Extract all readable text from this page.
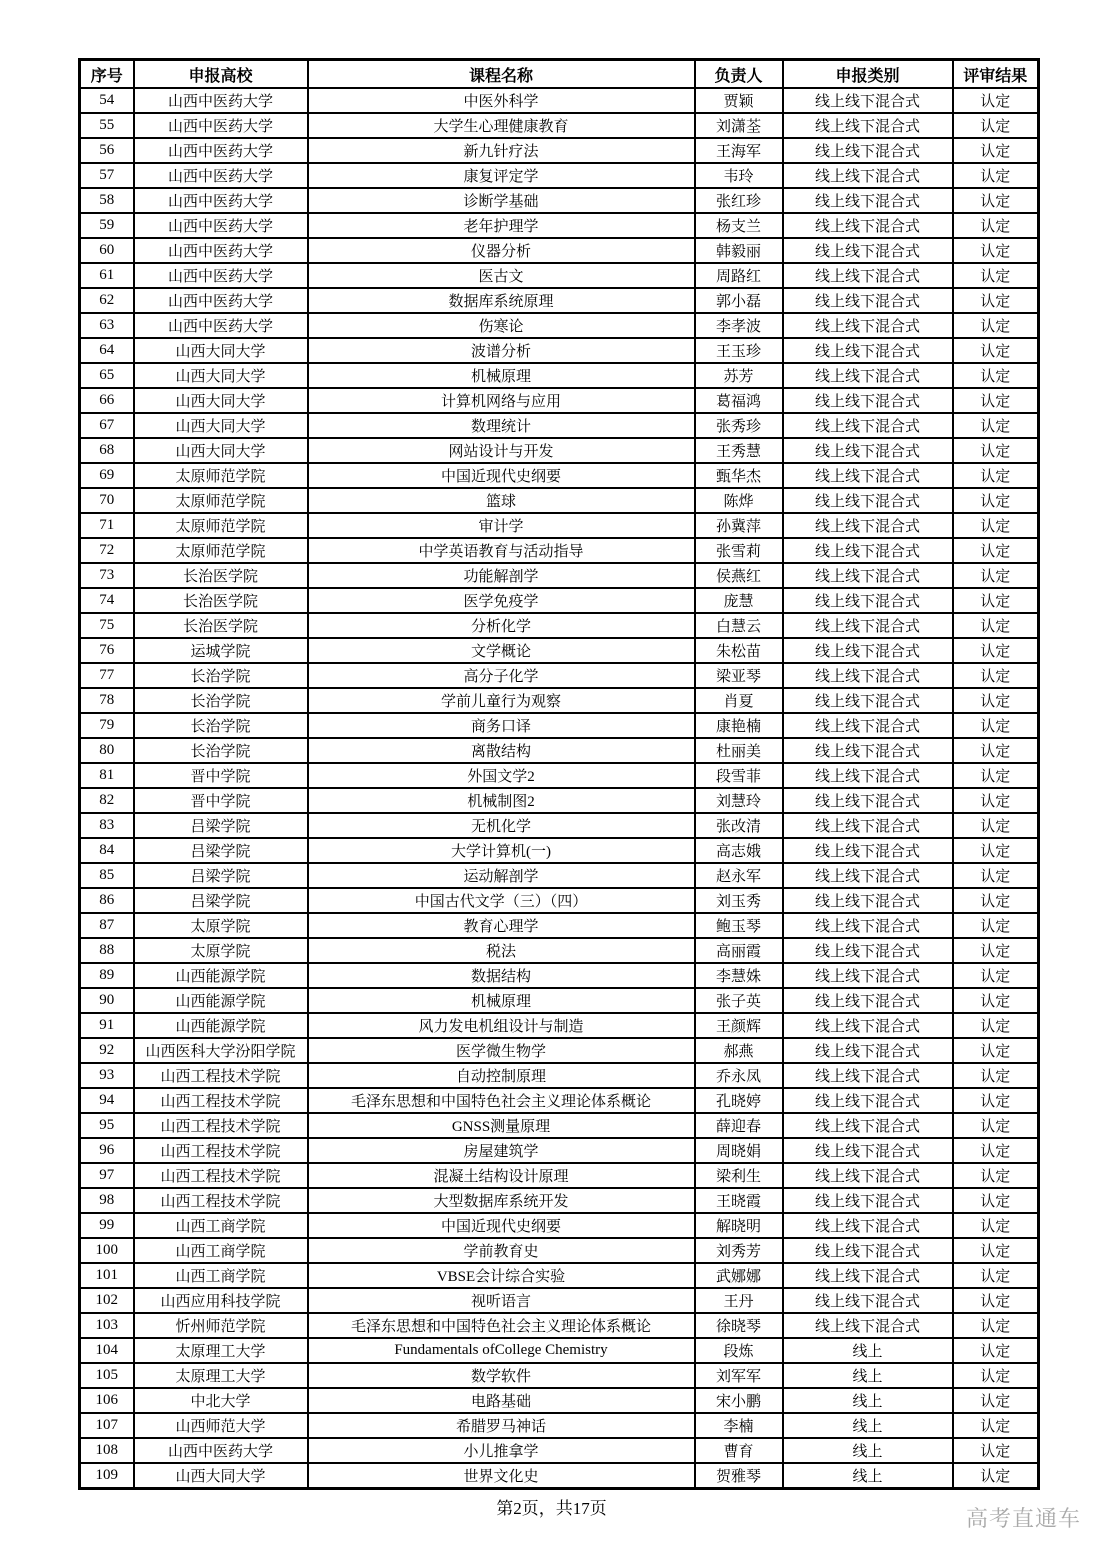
序号	申报高校	课程名称	负责人	申报类别	评审结果
54	山西中医药大学	中医外科学	贾颖	线上线下混合式	认定
55	山西中医药大学	大学生心理健康教育	刘潇荃	线上线下混合式	认定
56	山西中医药大学	新九针疗法	王海军	线上线下混合式	认定
57	山西中医药大学	康复评定学	韦玲	线上线下混合式	认定
58	山西中医药大学	诊断学基础	张红珍	线上线下混合式	认定
59	山西中医药大学	老年护理学	杨支兰	线上线下混合式	认定
60	山西中医药大学	仪器分析	韩毅丽	线上线下混合式	认定
61	山西中医药大学	医古文	周路红	线上线下混合式	认定
62	山西中医药大学	数据库系统原理	郭小磊	线上线下混合式	认定
63	山西中医药大学	伤寒论	李孝波	线上线下混合式	认定
64	山西大同大学	波谱分析	王玉珍	线上线下混合式	认定
65	山西大同大学	机械原理	苏芳	线上线下混合式	认定
66	山西大同大学	计算机网络与应用	葛福鸿	线上线下混合式	认定
67	山西大同大学	数理统计	张秀珍	线上线下混合式	认定
68	山西大同大学	网站设计与开发	王秀慧	线上线下混合式	认定
69	太原师范学院	中国近现代史纲要	甄华杰	线上线下混合式	认定
70	太原师范学院	篮球	陈烨	线上线下混合式	认定
71	太原师范学院	审计学	孙冀萍	线上线下混合式	认定
72	太原师范学院	中学英语教育与活动指导	张雪莉	线上线下混合式	认定
73	长治医学院	功能解剖学	侯燕红	线上线下混合式	认定
74	长治医学院	医学免疫学	庞慧	线上线下混合式	认定
75	长治医学院	分析化学	白慧云	线上线下混合式	认定
76	运城学院	文学概论	朱松苗	线上线下混合式	认定
77	长治学院	高分子化学	梁亚琴	线上线下混合式	认定
78	长治学院	学前儿童行为观察	肖夏	线上线下混合式	认定
79	长治学院	商务口译	康艳楠	线上线下混合式	认定
80	长治学院	离散结构	杜丽美	线上线下混合式	认定
81	晋中学院	外国文学2	段雪菲	线上线下混合式	认定
82	晋中学院	机械制图2	刘慧玲	线上线下混合式	认定
83	吕梁学院	无机化学	张改清	线上线下混合式	认定
84	吕梁学院	大学计算机(一)	高志娥	线上线下混合式	认定
85	吕梁学院	运动解剖学	赵永军	线上线下混合式	认定
86	吕梁学院	中国古代文学（三）（四）	刘玉秀	线上线下混合式	认定
87	太原学院	教育心理学	鲍玉琴	线上线下混合式	认定
88	太原学院	税法	高丽霞	线上线下混合式	认定
89	山西能源学院	数据结构	李慧姝	线上线下混合式	认定
90	山西能源学院	机械原理	张子英	线上线下混合式	认定
91	山西能源学院	风力发电机组设计与制造	王颜辉	线上线下混合式	认定
92	山西医科大学汾阳学院	医学微生物学	郝燕	线上线下混合式	认定
93	山西工程技术学院	自动控制原理	乔永凤	线上线下混合式	认定
94	山西工程技术学院	毛泽东思想和中国特色社会主义理论体系概论	孔晓婷	线上线下混合式	认定
95	山西工程技术学院	GNSS测量原理	薛迎春	线上线下混合式	认定
96	山西工程技术学院	房屋建筑学	周晓娟	线上线下混合式	认定
97	山西工程技术学院	混凝土结构设计原理	梁利生	线上线下混合式	认定
98	山西工程技术学院	大型数据库系统开发	王晓霞	线上线下混合式	认定
99	山西工商学院	中国近现代史纲要	解晓明	线上线下混合式	认定
100	山西工商学院	学前教育史	刘秀芳	线上线下混合式	认定
101	山西工商学院	VBSE会计综合实验	武娜娜	线上线下混合式	认定
102	山西应用科技学院	视听语言	王丹	线上线下混合式	认定
103	忻州师范学院	毛泽东思想和中国特色社会主义理论体系概论	徐晓琴	线上线下混合式	认定
104	太原理工大学	Fundamentals ofCollege Chemistry	段炼	线上	认定
105	太原理工大学	数学软件	刘军军	线上	认定
106	中北大学	电路基础	宋小鹏	线上	认定
107	山西师范大学	希腊罗马神话	李楠	线上	认定
108	山西中医药大学	小儿推拿学	曹育	线上	认定
109	山西大同大学	世界文化史	贺雅琴	线上	认定
第2页，共17页	高考直通车
